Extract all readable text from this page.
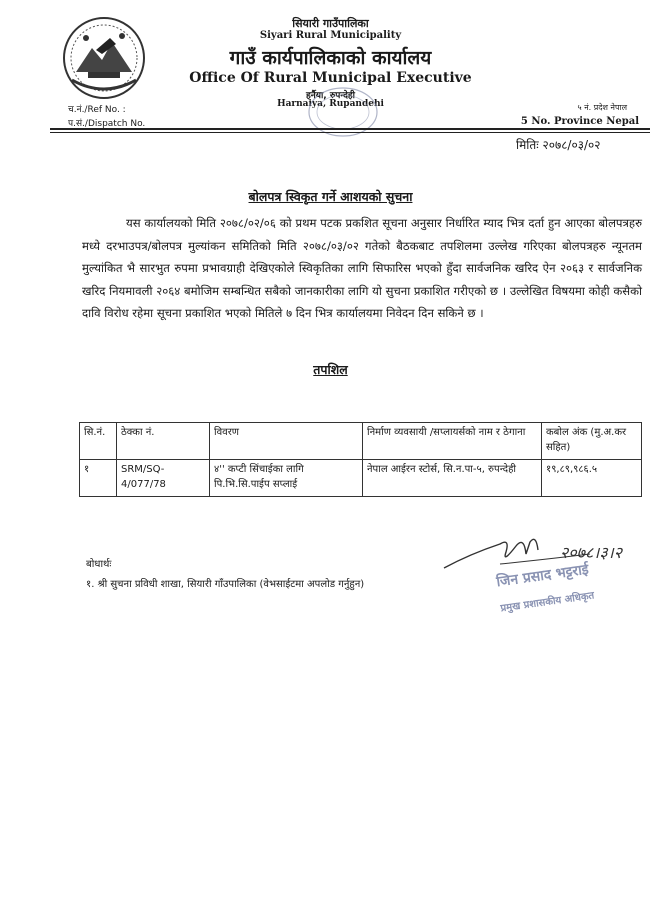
सियारी गाउँपालिका
Siyari Rural Municipality
गाउँ कार्यपालिकाको कार्यालय
Office Of Rural Municipal Executive
हर्नैया, रुपन्देही
Harnaiya, Rupandehi
च.नं./Ref No. :
प.सं./Dispatch No.
५ नं. प्रदेश नेपाल
5 No. Province Nepal
मितिः २०७८/०३/०२
बोलपत्र स्विकृत गर्ने आशयको सुचना

यस कार्यालयको मिति २०७८/०२/०६ को प्रथम पटक प्रकशित सूचना अनुसार निर्धारित म्याद भित्र दर्ता हुन आएका बोलपत्रहरु मध्ये दरभाउपत्र/बोलपत्र मुल्यांकन समितिको मिति २०७८/०३/०२ गतेको बैठकबाट तपशिलमा उल्लेख गरिएका बोलपत्रहरु न्यूनतम मुल्यांकित भै सारभुत रुपमा प्रभावग्राही देखिएकोले स्विकृतिका लागि सिफारिस भएको हुँदा सार्वजनिक खरिद ऐन २०६३ र सार्वजनिक खरिद नियमावली २०६४ बमोजिम सम्बन्धित सबैको जानकारीका लागि यो सुचना प्रकाशित गरीएको छ । उल्लेखित विषयमा कोही कसैको दावि विरोध रहेमा सूचना प्रकाशित भएको मितिले ७ दिन भित्र कार्यालयमा निवेदन दिन सकिने छ ।

तपशिल
सि.नं.	ठेक्का नं.	विवरण	निर्माण व्यवसायी /सप्लायर्सको नाम र ठेगाना	कबोल अंक (मु.अ.कर सहित)
१	SRM/SQ-4/077/78	४'' कप्टी सिंचाईका लागि पि.भि.सि.पाईप सप्लाई	नेपाल आईरन स्टोर्स, सि.न.पा-५, रुपन्देही	१९,८९,९८६.५
२०७८।३।२
जिन प्रसाद भट्टराई
प्रमुख प्रशासकीय अधिकृत
बोधार्थः
१. श्री सुचना प्रविधी शाखा, सियारी गाँउपालिका (वेभसाईटमा अपलोड गर्नुहुन)
